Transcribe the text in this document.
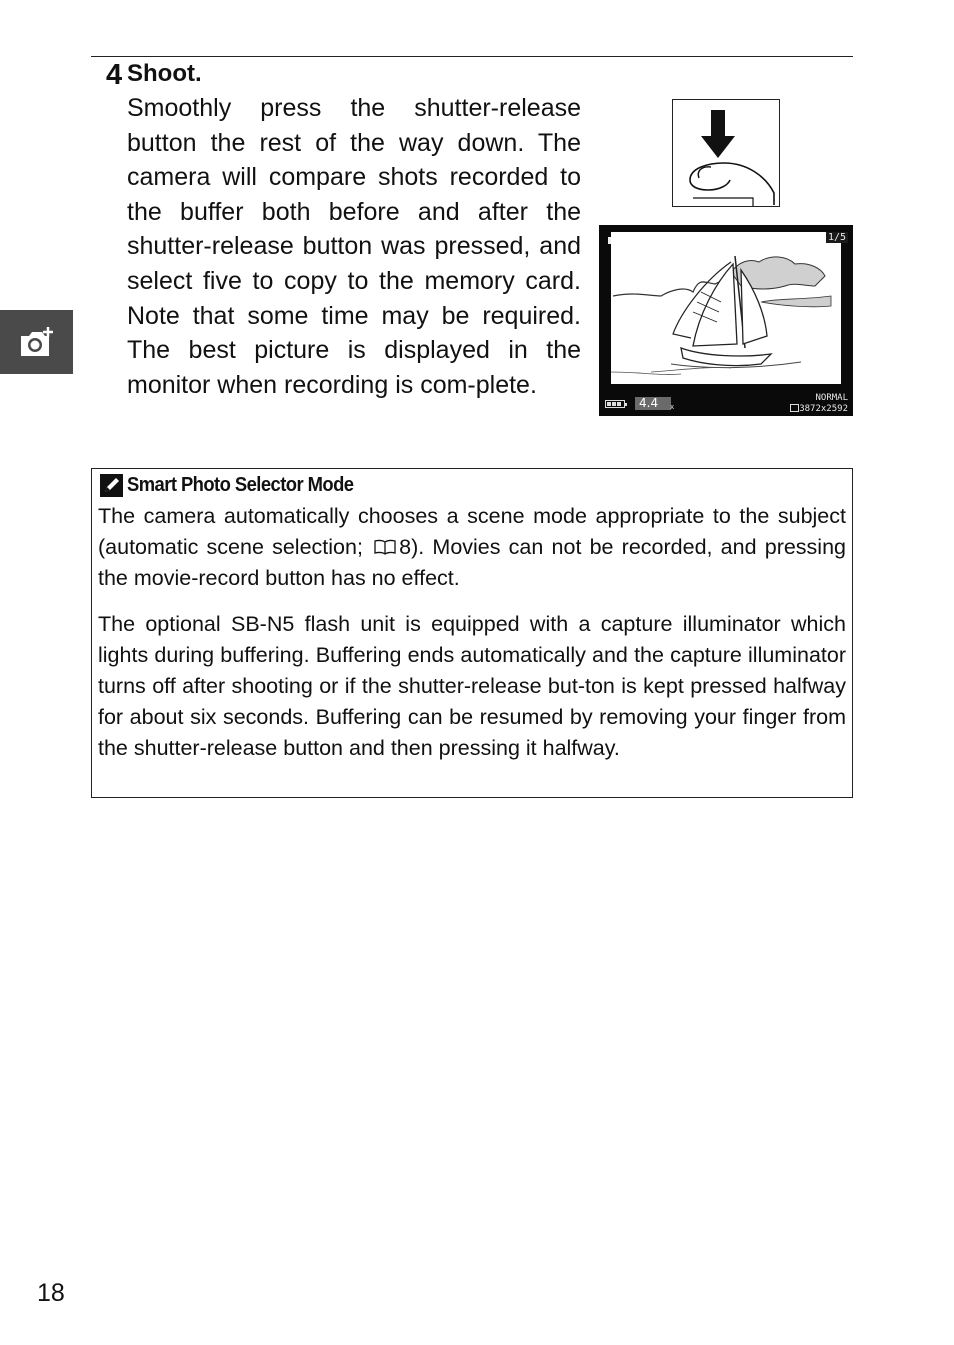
4 Shoot.

Smoothly press the shutter-release button the rest of the way down. The camera will compare shots recorded to the buffer both before and after the shutter-release button was pressed, and select five to copy to the memory card. Note that some time may be required. The best picture is displayed in the monitor when recording is com-plete.

1/5
4.4	x
NORMAL
3872x2592
Smart Photo Selector Mode

The camera automatically chooses a scene mode appropriate to the subject (automatic scene selection; 8). Movies can not be recorded, and pressing the movie-record button has no effect.

The optional SB-N5 flash unit is equipped with a capture illuminator which lights during buffering. Buffering ends automatically and the capture illuminator turns off after shooting or if the shutter-release but-ton is kept pressed halfway for about six seconds. Buffering can be resumed by removing your finger from the shutter-release button and then pressing it halfway.

18
